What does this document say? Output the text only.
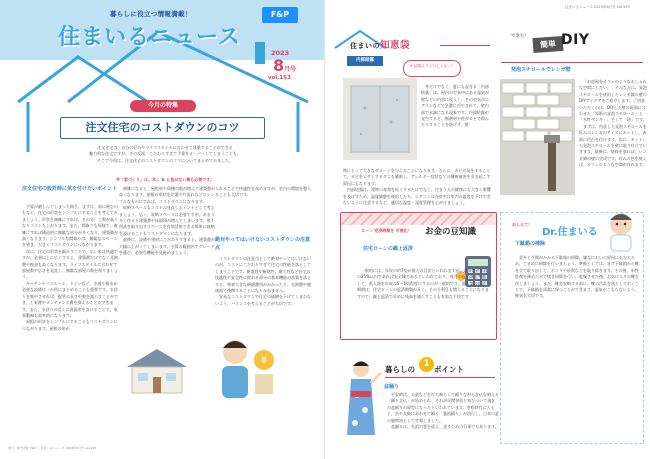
暮らしに役立つ情報満載！
住まいるニュース
F&P
2023
8月号
vol.153
今月の特集
注文住宅のコストダウンのコツ

注文住宅は、自分の好みやライフスタイルに合わせて建築することができる

魅力的な住宅ですが、その反面、こだわりすぎて予算をオーバーしてしまうことも。

そこで今回は、注文住宅のコストダウンのコツについてまとめてみました。

※「家づくり」は、早く & と急がない事も必要です。
注文住宅の設計時に気を付けたいポイント

予算が厳しんでしまった場合、まずは、前に進むのもなど、住宅の形状をシンプルにすることを考えてみましょう。形状を複雑にすれば、その分、工数が高くなりコストも上がります。また、間取りも同様で、複雑にすれば構造的に無駄な部分が多くなり、建築費が高くなります。シンプルな間取りは、無駄なスペースを省き、大きくコストダウンにつながります。

次に、住宅の形状を細かすことで、広い家は快適ですが、必要以上に広くすると、建築費だけでなく光熱費や税金も高くなります。ライフスタイルに合わせて部屋数や広さを見直し、無駄な部屋の数を削りましょう。

キッチンやバスルーム、トイレなど、水道や排水が必要な設備は一か所にまとめることも重要です。水回りを集中させれば、配管の長さや数を減らすことができ、工事費やメンテナンス費を抑えることができます。また、水回りの近くに洗面室を設けることで、家事動線も効率的になります。

屋根の形状をシンプルにすることもコストダウンにつながります。屋根の形が

複雑になると、屋根材や雨樋の数が増えて建築費が高くなります。屋根の形状を切妻や片流れなどのシンプルなものにすれば、コストダウンになります。

収納スペースもコストの見直しポイントとして考えましょう。広く、収納スペースは必要ですが、あまり多く作ると建築費や床面積が増えてしまいます。要不用品を取り出すスペースを有効活用できる場所に収納を設けることもコストダウンになります。

最後に、設備や建材にこだわりすぎると、建築費が大幅に上がってしまいます。予算の範囲内でグレードを選び、必要な機能を見極めましょう。

入れることで快適性を高めますが、室内の環境を整えることも大切です。

絶対やってはいけないコストダウンの注意点

コストダウンの注意点として絶対やってはいけないのが、コストにこだわりすぎて住宅の性能を落としてしまうことです。耐震性や断熱性、耐久性など住宅の快適性や安全性に関わる部分の基本機能の品質を落とすと、将来大きな修繕費用がかかったり、光熱費や健康面で後悔することになりかねません。

安易なコストダウンで住宅の価値を下げてしまわないよう、バランスを考えることが大切です。

¥
発行：株式会社 F&P ｜ 住まいるニュース 2023年8月号 vol.153
住まいるニュース 2023年8月号 vol.153
住まいの知恵袋
内部結露
※ 結露は 冬だけじゃない！

冬だけでなく、夏にも起きる「内部結露」は、屋内の空気中にある湿気が壁などの内部に侵入し、その空気がエアコンなどで急激に冷やされて、壁内部で水滴になる現象です。内部結露が発生すると、断熱材や柱がカビで傷んだりすることを防げず、壁

物にとって大きなダメージを与えることになります。さらに、カビが発生することで、カビをエサとするダニも繁殖し、アレルギー症状などの健康被害を引き起こす原因にもなります。

内部結露は、建物の寿命を短くするだけでなく、住まう人の健康にも大きく影響を及ぼすため、湿度調整を使用したり、エアコンの冷房中は室内の温度を下げすぎないように注意するなど、適切な温度・湿度管理を心がけましょう。

できた！
簡単 DIY
発泡スチロールでレンガ壁

「お部屋をカフェのようなおしゃれな空間にしたい。」そんな方に、発泡スチロールを使用したレンガ調の壁のDIYアイデアをご紹介します。ご用意いただくのは、DIYした壁の画面に合わせた「厚紙の発泡スチロール」と「水性ペンキ」。そして「砂」です。

まずは、用意した発泡スチロールを好みのレンガのサイズにカットし、表面に凹凸を付けます。次に、カットした発泡スチロールを壁に貼り付けていきます。最後に、塗料を塗れば、レンガ調の壁の完成です。好みの色を使えば、カフェのような空間が作れます。

ローン 完済時期を 可視化！ お金の豆知識
住宅ローンの繰上返済

一般的には、年収の約7倍が借入の目安といわれますが、返済額が年収の25%以内であれば安全域であるといわれており、毎月の返済額を考慮して、借入額を年収の5〜6倍程度にするのが一般的です。借入額の返済期間は、住宅ローンの返済期間が長く、その分利息も増えることになりますので、繰上返済で早めに残高を減らすことも有効な手段です。

おしえて！
Dr.住まいる
下駄箱の掃除

意外と手間がかかる下駄箱の掃除。嫌なにおいの原因にもなるため、こまめに掃除を行いましょう。準備としては、まず下駄箱から靴を全て取り出して、ホコリや砂利などを取り除きます。その後、中性洗剤を薄めた水で拭き掃除を行い、乾燥させた後、お気に入りの靴を戻しましょう。また、靴を収納する前に、靴の汚れを落としておくことで、下駄箱を清潔に保つことができます。湿気がこもらないよう、換気も大切です。

暮らしの	ポイント
1
盆踊り

平安時代、太鼓などを打ち鳴らして踊りながら念仏を唱える「踊り念仏」が始められ、それが民間習俗と結びついて現在の盆踊りの原型になったといわれています。室町時代に入ると、笛や太鼓にあわせて踊る「風流踊り」が流行し、日本の夏の風物詩として定着しました。

盆踊りは、先祖の霊を迎え、送るための行事でもあります。
